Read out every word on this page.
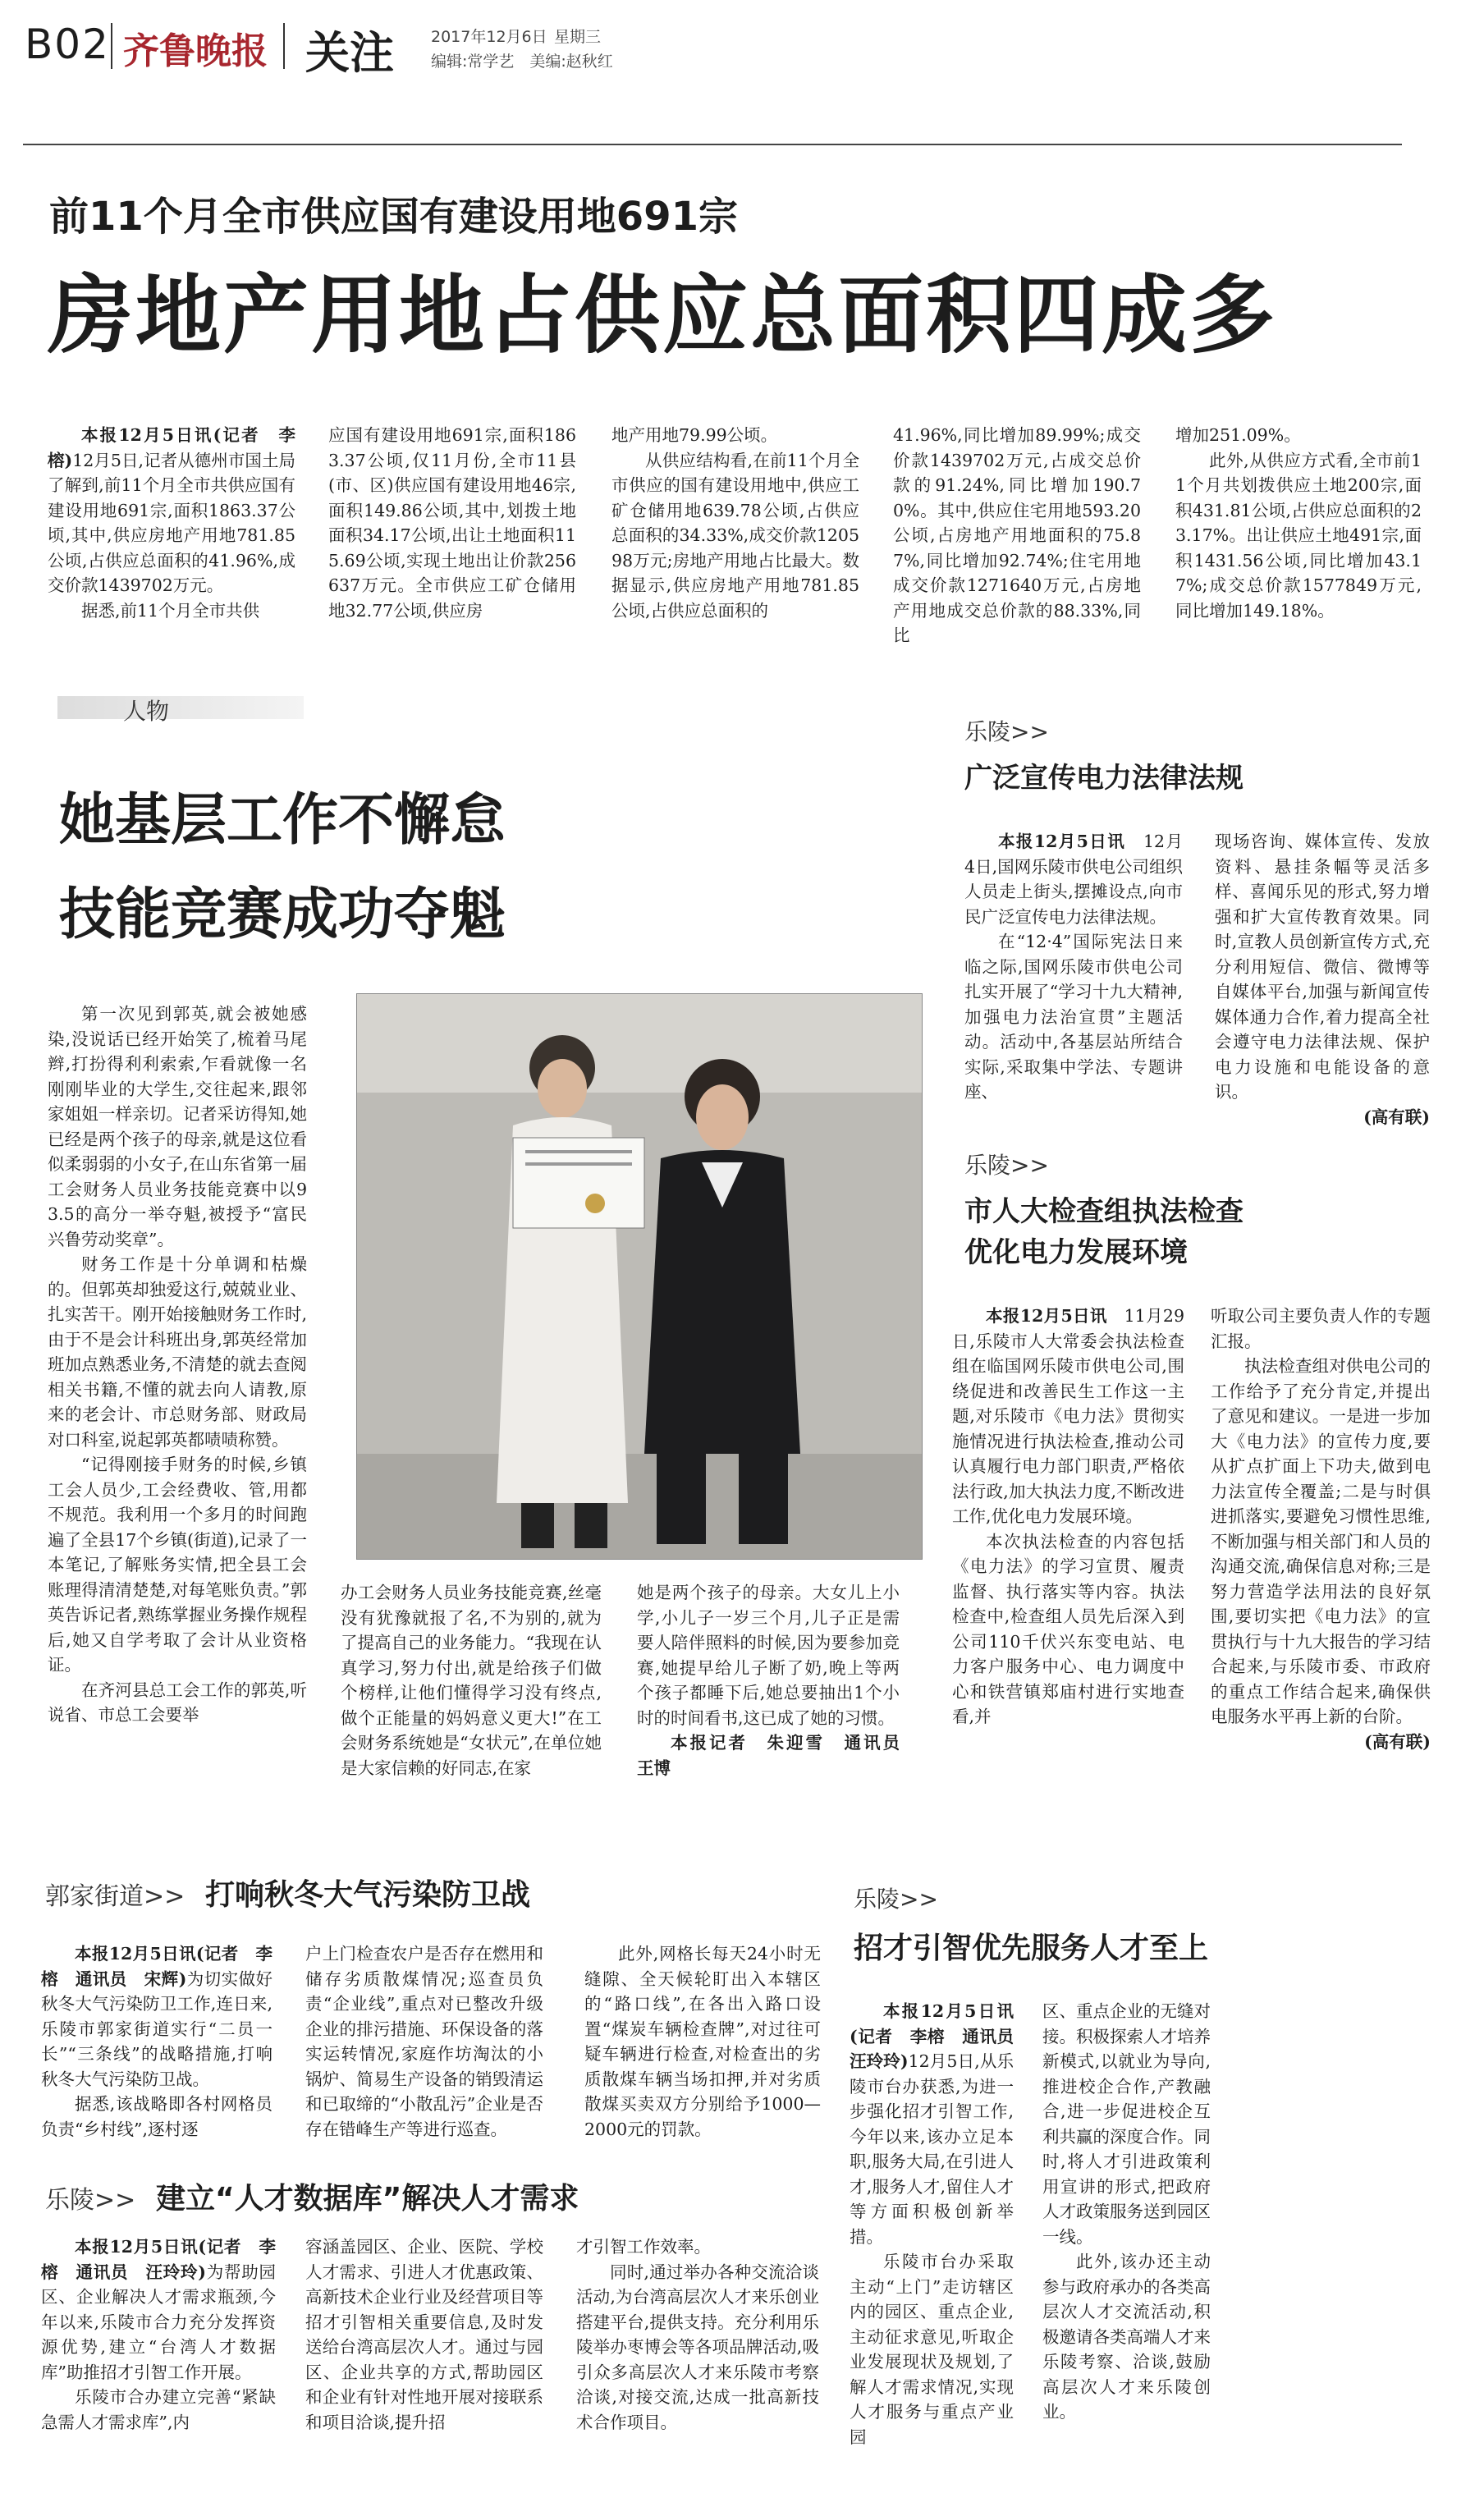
B02 齐鲁晚报 关注 2017年12月6日 星期三
编辑:常学艺　美编:赵秋红
前11个月全市供应国有建设用地691宗
房地产用地占供应总面积四成多

本报12月5日讯(记者　李榕)12月5日,记者从德州市国土局了解到,前11个月全市共供应国有建设用地691宗,面积1863.37公顷,其中,供应房地产用地781.85公顷,占供应总面积的41.96%,成交价款1439702万元。

据悉,前11个月全市共供

应国有建设用地691宗,面积1863.37公顷,仅11月份,全市11县(市、区)供应国有建设用地46宗,面积149.86公顷,其中,划拨土地面积34.17公顷,出让土地面积115.69公顷,实现土地出让价款256637万元。全市供应工矿仓储用地32.77公顷,供应房

地产用地79.99公顷。

从供应结构看,在前11个月全市供应的国有建设用地中,供应工矿仓储用地639.78公顷,占供应总面积的34.33%,成交价款120598万元;房地产用地占比最大。数据显示,供应房地产用地781.85公顷,占供应总面积的

41.96%,同比增加89.99%;成交价款1439702万元,占成交总价款的91.24%,同比增加190.70%。其中,供应住宅用地593.20公顷,占房地产用地面积的75.87%,同比增加92.74%;住宅用地成交价款1271640万元,占房地产用地成交总价款的88.33%,同比

增加251.09%。

此外,从供应方式看,全市前11个月共划拨供应土地200宗,面积431.81公顷,占供应总面积的23.17%。出让供应土地491宗,面积1431.56公顷,同比增加43.17%;成交总价款1577849万元,同比增加149.18%。

人物
她基层工作不懈怠
技能竞赛成功夺魁

第一次见到郭英,就会被她感染,没说话已经开始笑了,梳着马尾辫,打扮得利利索索,乍看就像一名刚刚毕业的大学生,交往起来,跟邻家姐姐一样亲切。记者采访得知,她已经是两个孩子的母亲,就是这位看似柔弱弱的小女子,在山东省第一届工会财务人员业务技能竞赛中以93.5的高分一举夺魁,被授予“富民兴鲁劳动奖章”。

财务工作是十分单调和枯燥的。但郭英却独爱这行,兢兢业业、扎实苦干。刚开始接触财务工作时,由于不是会计科班出身,郭英经常加班加点熟悉业务,不清楚的就去查阅相关书籍,不懂的就去向人请教,原来的老会计、市总财务部、财政局对口科室,说起郭英都啧啧称赞。

“记得刚接手财务的时候,乡镇工会人员少,工会经费收、管,用都不规范。我利用一个多月的时间跑遍了全县17个乡镇(街道),记录了一本笔记,了解账务实情,把全县工会账理得清清楚楚,对每笔账负责。”郭英告诉记者,熟练掌握业务操作规程后,她又自学考取了会计从业资格证。

在齐河县总工会工作的郭英,听说省、市总工会要举

办工会财务人员业务技能竞赛,丝毫没有犹豫就报了名,不为别的,就为了提高自己的业务能力。“我现在认真学习,努力付出,就是给孩子们做个榜样,让他们懂得学习没有终点,做个正能量的妈妈意义更大!”在工会财务系统她是“女状元”,在单位她是大家信赖的好同志,在家

她是两个孩子的母亲。大女儿上小学,小儿子一岁三个月,儿子正是需要人陪伴照料的时候,因为要参加竞赛,她提早给儿子断了奶,晚上等两个孩子都睡下后,她总要抽出1个小时的时间看书,这已成了她的习惯。

本报记者　朱迎雪　通讯员　王博

乐陵>>
广泛宣传电力法律法规

本报12月5日讯　 12月4日,国网乐陵市供电公司组织人员走上街头,摆摊设点,向市民广泛宣传电力法律法规。

在“12·4”国际宪法日来临之际,国网乐陵市供电公司扎实开展了“学习十九大精神,加强电力法治宣贯”主题活动。活动中,各基层站所结合实际,采取集中学法、专题讲座、

现场咨询、媒体宣传、发放资料、悬挂条幅等灵活多样、喜闻乐见的形式,努力增强和扩大宣传教育效果。同时,宣教人员创新宣传方式,充分利用短信、微信、微博等自媒体平台,加强与新闻宣传媒体通力合作,着力提高全社会遵守电力法律法规、保护电力设施和电能设备的意识。

(高有联)

乐陵>>
市人大检查组执法检查
优化电力发展环境

本报12月5日讯　 11月29日,乐陵市人大常委会执法检查组在临国网乐陵市供电公司,围绕促进和改善民生工作这一主题,对乐陵市《电力法》贯彻实施情况进行执法检查,推动公司认真履行电力部门职责,严格依法行政,加大执法力度,不断改进工作,优化电力发展环境。

本次执法检查的内容包括《电力法》的学习宣贯、履责监督、执行落实等内容。执法检查中,检查组人员先后深入到公司110千伏兴东变电站、电力客户服务中心、电力调度中心和铁营镇郑庙村进行实地查看,并

听取公司主要负责人作的专题汇报。

执法检查组对供电公司的工作给予了充分肯定,并提出了意见和建议。一是进一步加大《电力法》的宣传力度,要从扩点扩面上下功夫,做到电力法宣传全覆盖;二是与时俱进抓落实,要避免习惯性思维,不断加强与相关部门和人员的沟通交流,确保信息对称;三是努力营造学法用法的良好氛围,要切实把《电力法》的宣贯执行与十九大报告的学习结合起来,与乐陵市委、市政府的重点工作结合起来,确保供电服务水平再上新的台阶。

(高有联)

郭家街道>> 打响秋冬大气污染防卫战

本报12月5日讯(记者　李榕　通讯员　宋辉)为切实做好秋冬大气污染防卫工作,连日来,乐陵市郭家街道实行“二员一长”“三条线”的战略措施,打响秋冬大气污染防卫战。

据悉,该战略即各村网格员负责“乡村线”,逐村逐

户上门检查农户是否存在燃用和储存劣质散煤情况;巡查员负责“企业线”,重点对已整改升级企业的排污措施、环保设备的落实运转情况,家庭作坊淘汰的小锅炉、简易生产设备的销毁清运和已取缔的“小散乱污”企业是否存在错峰生产等进行巡查。

此外,网格长每天24小时无缝隙、全天候轮盯出入本辖区的“路口线”,在各出入路口设置“煤炭车辆检查牌”,对过往可疑车辆进行检查,对检查出的劣质散煤车辆当场扣押,并对劣质散煤买卖双方分别给予1000—2000元的罚款。

乐陵>> 建立“人才数据库”解决人才需求

本报12月5日讯(记者　李榕　通讯员　汪玲玲)为帮助园区、企业解决人才需求瓶颈,今年以来,乐陵市合力充分发挥资源优势,建立“台湾人才数据库”助推招才引智工作开展。

乐陵市合办建立完善“紧缺急需人才需求库”,内

容涵盖园区、企业、医院、学校人才需求、引进人才优惠政策、高新技术企业行业及经营项目等招才引智相关重要信息,及时发送给台湾高层次人才。通过与园区、企业共享的方式,帮助园区和企业有针对性地开展对接联系和项目洽谈,提升招

才引智工作效率。

同时,通过举办各种交流洽谈活动,为台湾高层次人才来乐创业搭建平台,提供支持。充分利用乐陵举办枣博会等各项品牌活动,吸引众多高层次人才来乐陵市考察洽谈,对接交流,达成一批高新技术合作项目。

乐陵>>
招才引智优先服务人才至上

本报12月5日讯(记者　李榕　通讯员　汪玲玲)12月5日,从乐陵市台办获悉,为进一步强化招才引智工作,今年以来,该办立足本职,服务大局,在引进人才,服务人才,留住人才等方面积极创新举措。

乐陵市台办采取主动“上门”走访辖区内的园区、重点企业,主动征求意见,听取企业发展现状及规划,了解人才需求情况,实现人才服务与重点产业园

区、重点企业的无缝对接。积极探索人才培养新模式,以就业为导向,推进校企合作,产教融合,进一步促进校企互利共赢的深度合作。同时,将人才引进政策利用宣讲的形式,把政府人才政策服务送到园区一线。

此外,该办还主动参与政府承办的各类高层次人才交流活动,积极邀请各类高端人才来乐陵考察、洽谈,鼓励高层次人才来乐陵创业。
